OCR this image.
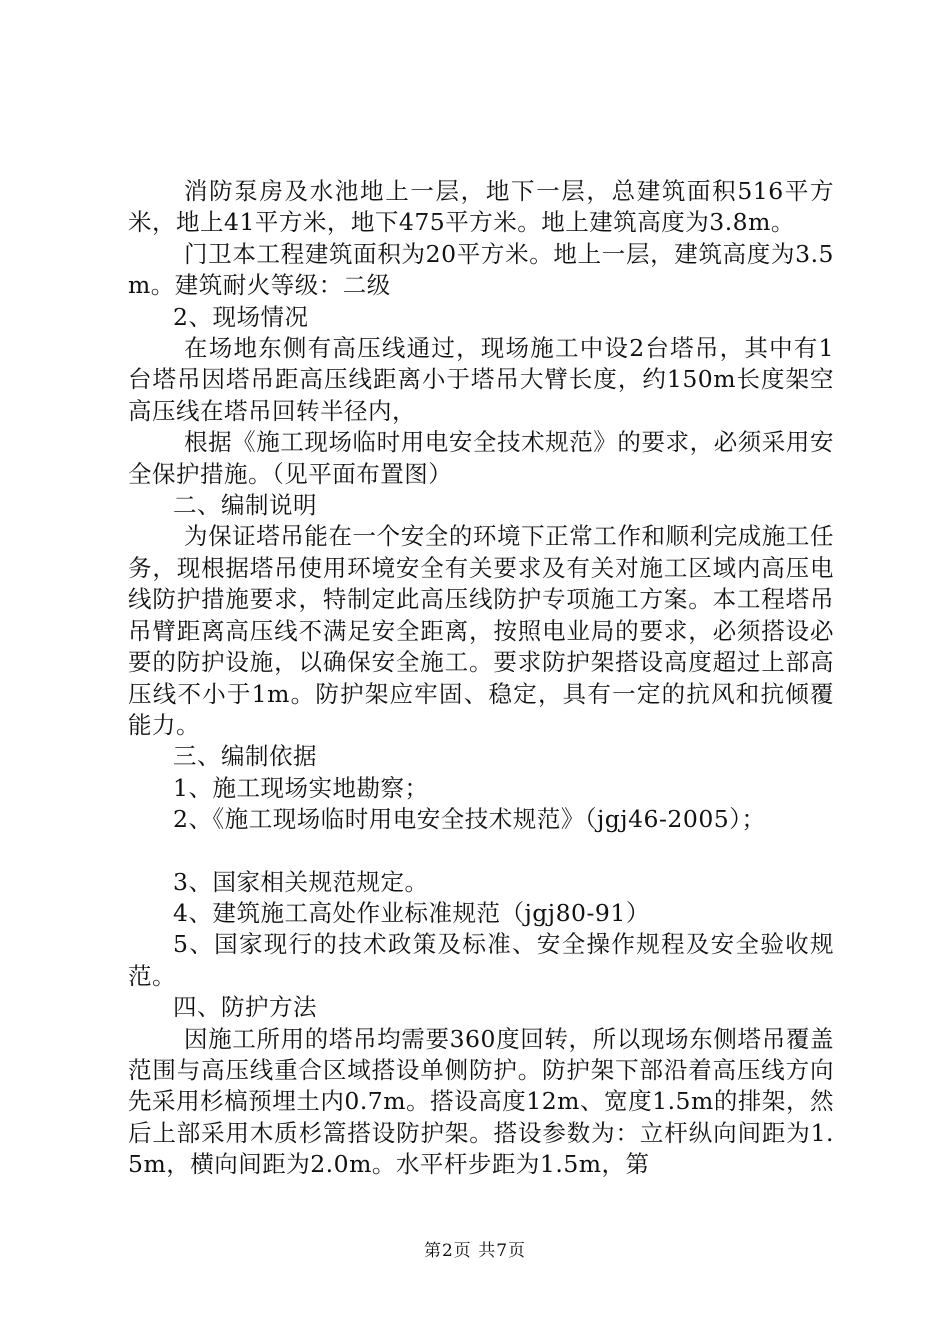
消防泵房及水池地上一层，地下一层，总建筑面积516平方米，地上41平方米，地下475平方米。地上建筑高度为3.8m。

门卫本工程建筑面积为20平方米。地上一层，建筑高度为3.5m。建筑耐火等级：二级

2、现场情况

在场地东侧有高压线通过，现场施工中设2台塔吊，其中有1台塔吊因塔吊距高压线距离小于塔吊大臂长度，约150m长度架空高压线在塔吊回转半径内，

根据《施工现场临时用电安全技术规范》的要求，必须采用安全保护措施。（见平面布置图）

二、编制说明

为保证塔吊能在一个安全的环境下正常工作和顺利完成施工任务，现根据塔吊使用环境安全有关要求及有关对施工区域内高压电线防护措施要求，特制定此高压线防护专项施工方案。本工程塔吊吊臂距离高压线不满足安全距离，按照电业局的要求，必须搭设必要的防护设施，以确保安全施工。要求防护架搭设高度超过上部高压线不小于1m。防护架应牢固、稳定，具有一定的抗风和抗倾覆能力。

三、编制依据

1、施工现场实地勘察；

2、《施工现场临时用电安全技术规范》（jgj46-2005）；

3、国家相关规范规定。

4、建筑施工高处作业标准规范（jgj80-91）

5、国家现行的技术政策及标准、安全操作规程及安全验收规范。

四、防护方法

因施工所用的塔吊均需要360度回转，所以现场东侧塔吊覆盖范围与高压线重合区域搭设单侧防护。防护架下部沿着高压线方向先采用杉槁预埋土内0.7m。搭设高度12m、宽度1.5m的排架，然后上部采用木质杉篙搭设防护架。搭设参数为：立杆纵向间距为1.5m，横向间距为2.0m。水平杆步距为1.5m，第

第2页 共7页
